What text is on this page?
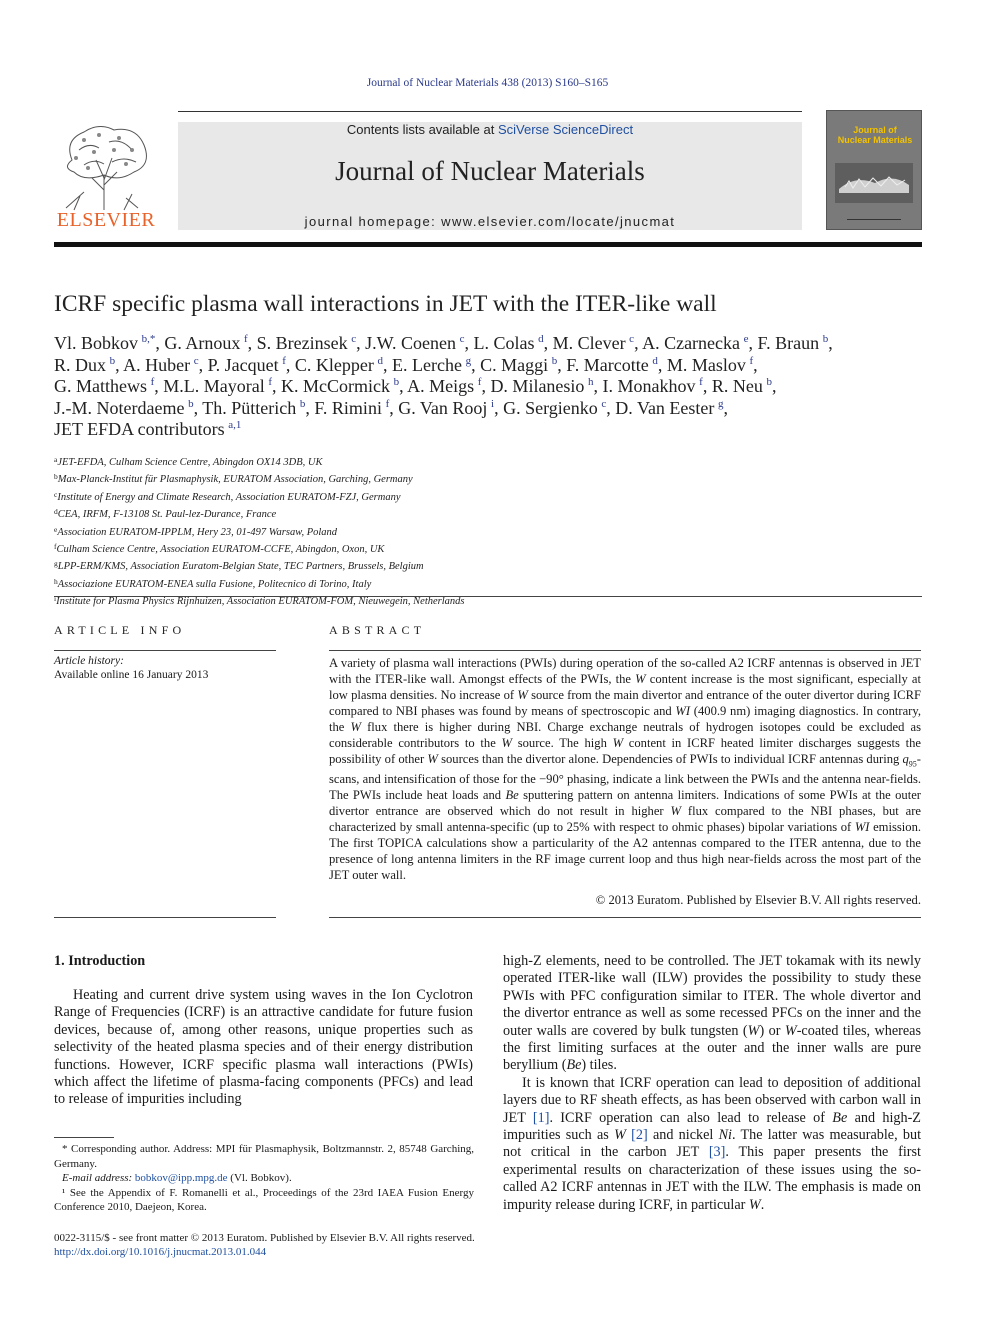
Journal of Nuclear Materials 438 (2013) S160–S165
ELSEVIER
Contents lists available at SciVerse ScienceDirect
Journal of Nuclear Materials
journal homepage: www.elsevier.com/locate/jnucmat
Journal of Nuclear Materials
ICRF specific plasma wall interactions in JET with the ITER-like wall
Vl. Bobkov  $^{b,*}$, G. Arnoux  $^f$, S. Brezinsek  $^c$, J.W. Coenen  $^c$, L. Colas  $^d$, M. Clever  $^c$, A. Czarnecka  $^e$, F. Braun  $^b$,
R. Dux  $^b$, A. Huber  $^c$, P. Jacquet  $^f$, C. Klepper  $^d$, E. Lerche  $^g$, C. Maggi  $^b$, F. Marcotte  $^d$, M. Maslov  $^f$,
G. Matthews  $^f$, M.L. Mayoral  $^f$, K. McCormick  $^b$, A. Meigs  $^f$, D. Milanesio  $^h$, I. Monakhov  $^f$, R. Neu  $^b$,
J.-M. Noterdaeme  $^b$, Th. Pütterich  $^b$, F. Rimini  $^f$, G. Van Rooj  $^i$, G. Sergienko  $^c$, D. Van Eester  $^g$,
JET EFDA contributors  $^{a,1}$
$^a$JET-EFDA, Culham Science Centre, Abingdon OX14 3DB, UK
$^b$Max-Planck-Institut für Plasmaphysik, EURATOM Association, Garching, Germany
$^c$Institute of Energy and Climate Research, Association EURATOM-FZJ, Germany
$^d$CEA, IRFM, F-13108 St. Paul-lez-Durance, France
$^e$Association EURATOM-IPPLM, Hery 23, 01-497 Warsaw, Poland
$^f$Culham Science Centre, Association EURATOM-CCFE, Abingdon, Oxon, UK
$^g$LPP-ERM/KMS, Association Euratom-Belgian State, TEC Partners, Brussels, Belgium
$^h$Associazione EURATOM-ENEA sulla Fusione, Politecnico di Torino, Italy
$^i$Institute for Plasma Physics Rijnhuizen, Association EURATOM-FOM, Nieuwegein, Netherlands
ARTICLE INFO
Article history:
Available online 16 January 2013
ABSTRACT
A variety of plasma wall interactions (PWIs) during operation of the so-called A2 ICRF antennas is observed in JET with the ITER-like wall. Amongst effects of the PWIs, the W content increase is the most significant, especially at low plasma densities. No increase of W source from the main divertor and entrance of the outer divertor during ICRF compared to NBI phases was found by means of spectroscopic and WI (400.9 nm) imaging diagnostics. In contrary, the W flux there is higher during NBI. Charge exchange neutrals of hydrogen isotopes could be excluded as considerable contributors to the W source. The high W content in ICRF heated limiter discharges suggests the possibility of other W sources than the divertor alone. Dependencies of PWIs to individual ICRF antennas during $q_{95}$-scans, and intensification of those for the −90° phasing, indicate a link between the PWIs and the antenna near-fields. The PWIs include heat loads and Be sputtering pattern on antenna limiters. Indications of some PWIs at the outer divertor entrance are observed which do not result in higher W flux compared to the NBI phases, but are characterized by small antenna-specific (up to 25% with respect to ohmic phases) bipolar variations of WI emission. The first TOPICA calculations show a particularity of the A2 antennas compared to the ITER antenna, due to the presence of long antenna limiters in the RF image current loop and thus high near-fields across the most part of the JET outer wall.
© 2013 Euratom. Published by Elsevier B.V. All rights reserved.
1. Introduction

Heating and current drive system using waves in the Ion Cyclotron Range of Frequencies (ICRF) is an attractive candidate for future fusion devices, because of, among other reasons, unique properties such as selectivity of the heated plasma species and of their energy distribution functions. However, ICRF specific plasma wall interactions (PWIs) which affect the lifetime of plasma-facing components (PFCs) and lead to release of impurities including

high-Z elements, need to be controlled. The JET tokamak with its newly operated ITER-like wall (ILW) provides the possibility to study these PWIs with PFC configuration similar to ITER. The whole divertor and the divertor entrance as well as some recessed PFCs on the inner and the outer walls are covered by bulk tungsten (W) or W-coated tiles, whereas the first limiting surfaces at the outer and the inner walls are pure beryllium (Be) tiles.

It is known that ICRF operation can lead to deposition of additional layers due to RF sheath effects, as has been observed with carbon wall in JET [1]. ICRF operation can also lead to release of Be and high-Z impurities such as W [2] and nickel Ni. The latter was measurable, but not critical in the carbon JET [3]. This paper presents the first experimental results on characterization of these issues using the so-called A2 ICRF antennas in JET with the ILW. The emphasis is made on impurity release during ICRF, in particular W.

* Corresponding author. Address: MPI für Plasmaphysik, Boltzmannstr. 2, 85748 Garching, Germany.

E-mail address: bobkov@ipp.mpg.de (Vl. Bobkov).

¹ See the Appendix of F. Romanelli et al., Proceedings of the 23rd IAEA Fusion Energy Conference 2010, Daejeon, Korea.

0022-3115/$ - see front matter © 2013 Euratom. Published by Elsevier B.V. All rights reserved.
http://dx.doi.org/10.1016/j.jnucmat.2013.01.044
